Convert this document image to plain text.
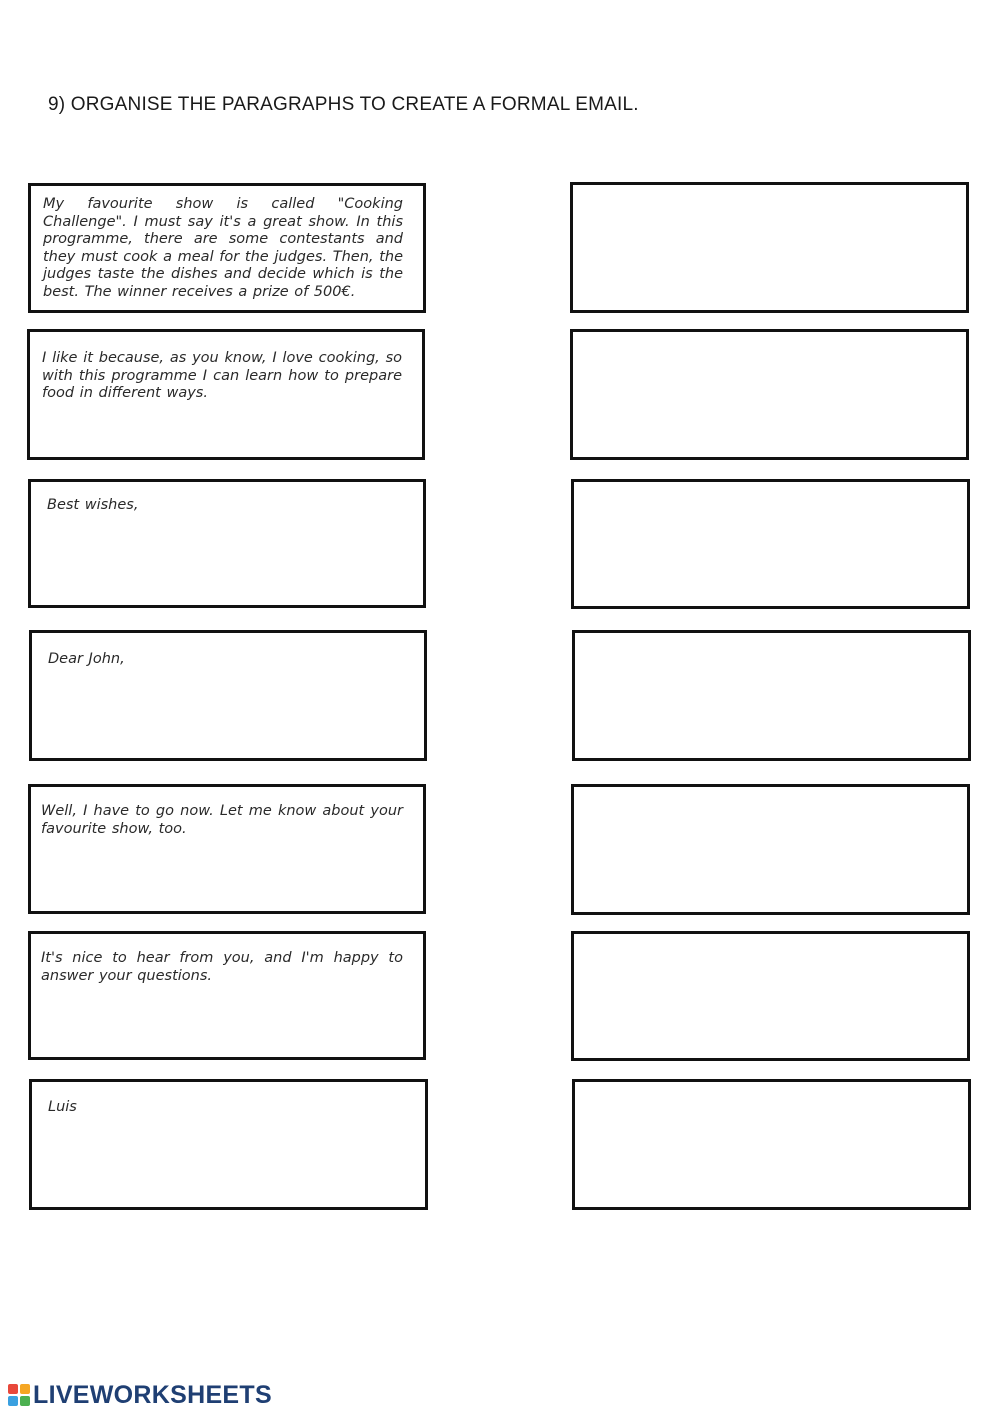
9) ORGANISE THE PARAGRAPHS TO CREATE A FORMAL EMAIL.
My favourite show is called "Cooking Challenge". I must say it's a great show. In this programme, there are some contestants and they must cook a meal for the judges. Then, the judges taste the dishes and decide which is the best. The winner receives a prize of 500€.
I like it because, as you know, I love cooking, so with this programme I can learn how to prepare food in different ways.
Best wishes,
Dear John,
Well, I have to go now. Let me know about your favourite show, too.
It's nice to hear from you, and I'm happy to answer your questions.
Luis
LIVEWORKSHEETS
